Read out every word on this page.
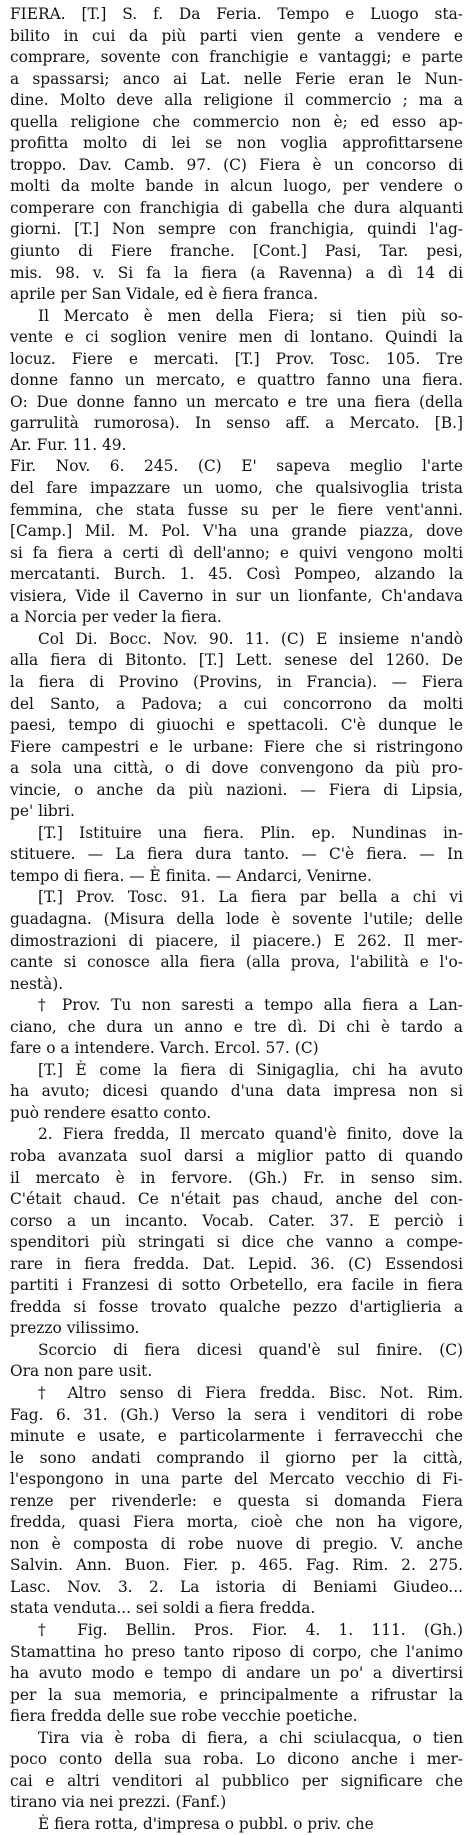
FIERA. [T.] S. f. Da Feria. Tempo e Luogo sta-
bilito in cui da più parti vien gente a vendere e
comprare, sovente con franchigie e vantaggi; e parte
a spassarsi; anco ai Lat. nelle Ferie eran le Nun-
dine. Molto deve alla religione il commercio ; ma a
quella religione che commercio non è; ed esso ap-
profitta molto di lei se non voglia approfittarsene
troppo. Dav. Camb. 97. (C) Fiera è un concorso di
molti da molte bande in alcun luogo, per vendere o
comperare con franchigia di gabella che dura alquanti
giorni. [T.] Non sempre con franchigia, quindi l'ag-
giunto di Fiere franche. [Cont.] Pasi, Tar. pesi,
mis. 98. v. Si fa la fiera (a Ravenna) a dì 14 di
aprile per San Vidale, ed è fiera franca.
Il Mercato è men della Fiera; si tien più so-
vente e ci soglion venire men di lontano. Quindi la
locuz. Fiere e mercati. [T.] Prov. Tosc. 105. Tre
donne fanno un mercato, e quattro fanno una fiera.
O: Due donne fanno un mercato e tre una fiera (della
garrulità rumorosa). In senso aff. a Mercato. [B.]
Ar. Fur. 11. 49.
Fir. Nov. 6. 245. (C) E' sapeva meglio l'arte
del fare impazzare un uomo, che qualsivoglia trista
femmina, che stata fusse su per le fiere vent'anni.
[Camp.] Mil. M. Pol. V'ha una grande piazza, dove
si fa fiera a certi dì dell'anno; e quivi vengono molti
mercatanti. Burch. 1. 45. Così Pompeo, alzando la
visiera, Vide il Caverno in sur un lionfante, Ch'andava
a Norcia per veder la fiera.
Col Di. Bocc. Nov. 90. 11. (C) E insieme n'andò
alla fiera di Bitonto. [T.] Lett. senese del 1260. De
la fiera di Provino (Provins, in Francia). — Fiera
del Santo, a Padova; a cui concorrono da molti
paesi, tempo di giuochi e spettacoli. C'è dunque le
Fiere campestri e le urbane: Fiere che si ristringono
a sola una città, o di dove convengono da più pro-
vincie, o anche da più nazioni. — Fiera di Lipsia,
pe' libri.
[T.] Istituire una fiera. Plin. ep. Nundinas in-
stituere. — La fiera dura tanto. — C'è fiera. — In
tempo di fiera. — È finita. — Andarci, Venirne.
[T.] Prov. Tosc. 91. La fiera par bella a chi vi
guadagna. (Misura della lode è sovente l'utile; delle
dimostrazioni di piacere, il piacere.) E 262. Il mer-
cante si conosce alla fiera (alla prova, l'abilità e l'o-
nestà).
† Prov. Tu non saresti a tempo alla fiera a Lan-
ciano, che dura un anno e tre dì. Di chi è tardo a
fare o a intendere. Varch. Ercol. 57. (C)
[T.] È come la fiera di Sinigaglia, chi ha avuto
ha avuto; dicesi quando d'una data impresa non si
può rendere esatto conto.
2. Fiera fredda, Il mercato quand'è finito, dove la
roba avanzata suol darsi a miglior patto di quando
il mercato è in fervore. (Gh.) Fr. in senso sim.
C'était chaud. Ce n'était pas chaud, anche del con-
corso a un incanto. Vocab. Cater. 37. E perciò i
spenditori più stringati si dice che vanno a compe-
rare in fiera fredda. Dat. Lepid. 36. (C) Essendosi
partiti i Franzesi di sotto Orbetello, era facile in fiera
fredda si fosse trovato qualche pezzo d'artiglieria a
prezzo vilissimo.
Scorcio di fiera dicesi quand'è sul finire. (C)
Ora non pare usit.
† Altro senso di Fiera fredda. Bisc. Not. Rim.
Fag. 6. 31. (Gh.) Verso la sera i venditori di robe
minute e usate, e particolarmente i ferravecchi che
le sono andati comprando il giorno per la città,
l'espongono in una parte del Mercato vecchio di Fi-
renze per rivenderle: e questa si domanda Fiera
fredda, quasi Fiera morta, cioè che non ha vigore,
non è composta di robe nuove di pregio. V. anche
Salvin. Ann. Buon. Fier. p. 465. Fag. Rim. 2. 275.
Lasc. Nov. 3. 2. La istoria di Beniami Giudeo...
stata venduta... sei soldi a fiera fredda.
† Fig. Bellin. Pros. Fior. 4. 1. 111. (Gh.)
Stamattina ho preso tanto riposo di corpo, che l'animo
ha avuto modo e tempo di andare un po' a divertirsi
per la sua memoria, e principalmente a rifrustar la
fiera fredda delle sue robe vecchie poetiche.
Tira via è roba di fiera, a chi sciulacqua, o tien
poco conto della sua roba. Lo dicono anche i mer-
cai e altri venditori al pubblico per significare che
tirano via nei prezzi. (Fanf.)
È fiera rotta, d'impresa o pubbl. o priv. che
